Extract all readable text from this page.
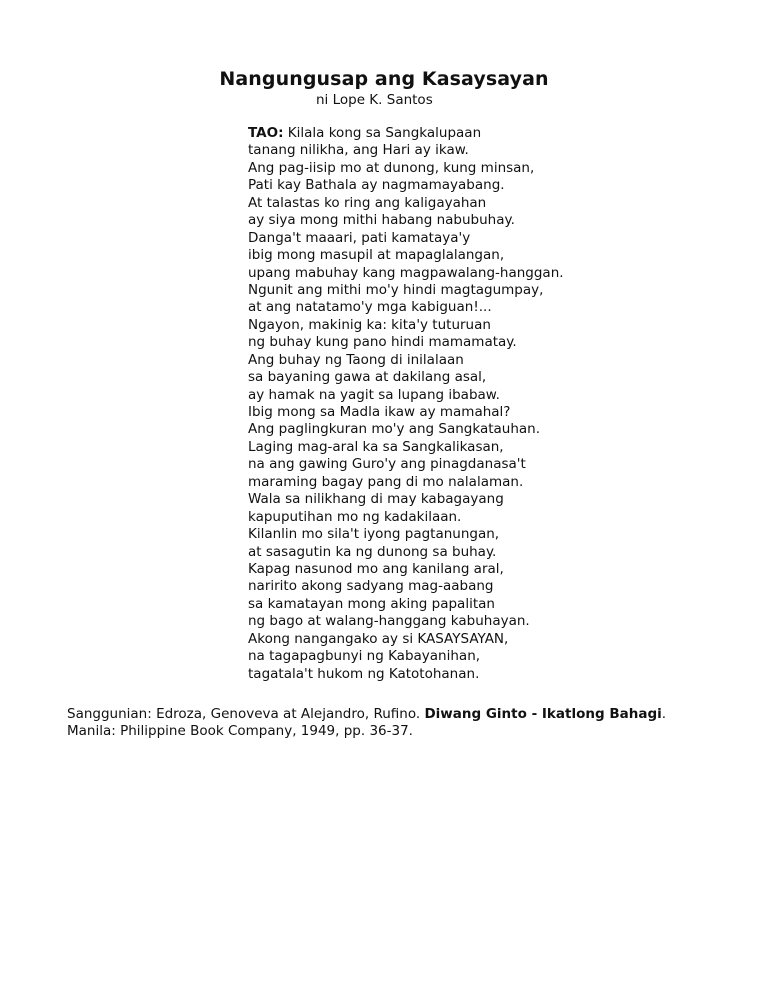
Nangungusap ang Kasaysayan
ni Lope K. Santos
TAO: Kilala kong sa Sangkalupaan
tanang nilikha, ang Hari ay ikaw.
Ang pag-iisip mo at dunong, kung minsan,
Pati kay Bathala ay nagmamayabang.
At talastas ko ring ang kaligayahan
ay siya mong mithi habang nabubuhay.
Danga't maaari, pati kamataya'y
ibig mong masupil at mapaglalangan,
upang mabuhay kang magpawalang-hanggan.
Ngunit ang mithi mo'y hindi magtagumpay,
at ang natatamo'y mga kabiguan!...
Ngayon, makinig ka: kita'y tuturuan
ng buhay kung pano hindi mamamatay.
Ang buhay ng Taong di inilalaan
sa bayaning gawa at dakilang asal,
ay hamak na yagit sa lupang ibabaw.
Ibig mong sa Madla ikaw ay mamahal?
Ang paglingkuran mo'y ang Sangkatauhan.
Laging mag-aral ka sa Sangkalikasan,
na ang gawing Guro'y ang pinagdanasa't
maraming bagay pang di mo nalalaman.
Wala sa nilikhang di may kabagayang
kapuputihan mo ng kadakilaan.
Kilanlin mo sila't iyong pagtanungan,
at sasagutin ka ng dunong sa buhay.
Kapag nasunod mo ang kanilang aral,
naririto akong sadyang mag-aabang
sa kamatayan mong aking papalitan
ng bago at walang-hanggang kabuhayan.
Akong nangangako ay si KASAYSAYAN,
na tagapagbunyi ng Kabayanihan,
tagatala't hukom ng Katotohanan.
Sanggunian: Edroza, Genoveva at Alejandro, Rufino. Diwang Ginto - Ikatlong Bahagi. Manila: Philippine Book Company, 1949, pp. 36-37.
